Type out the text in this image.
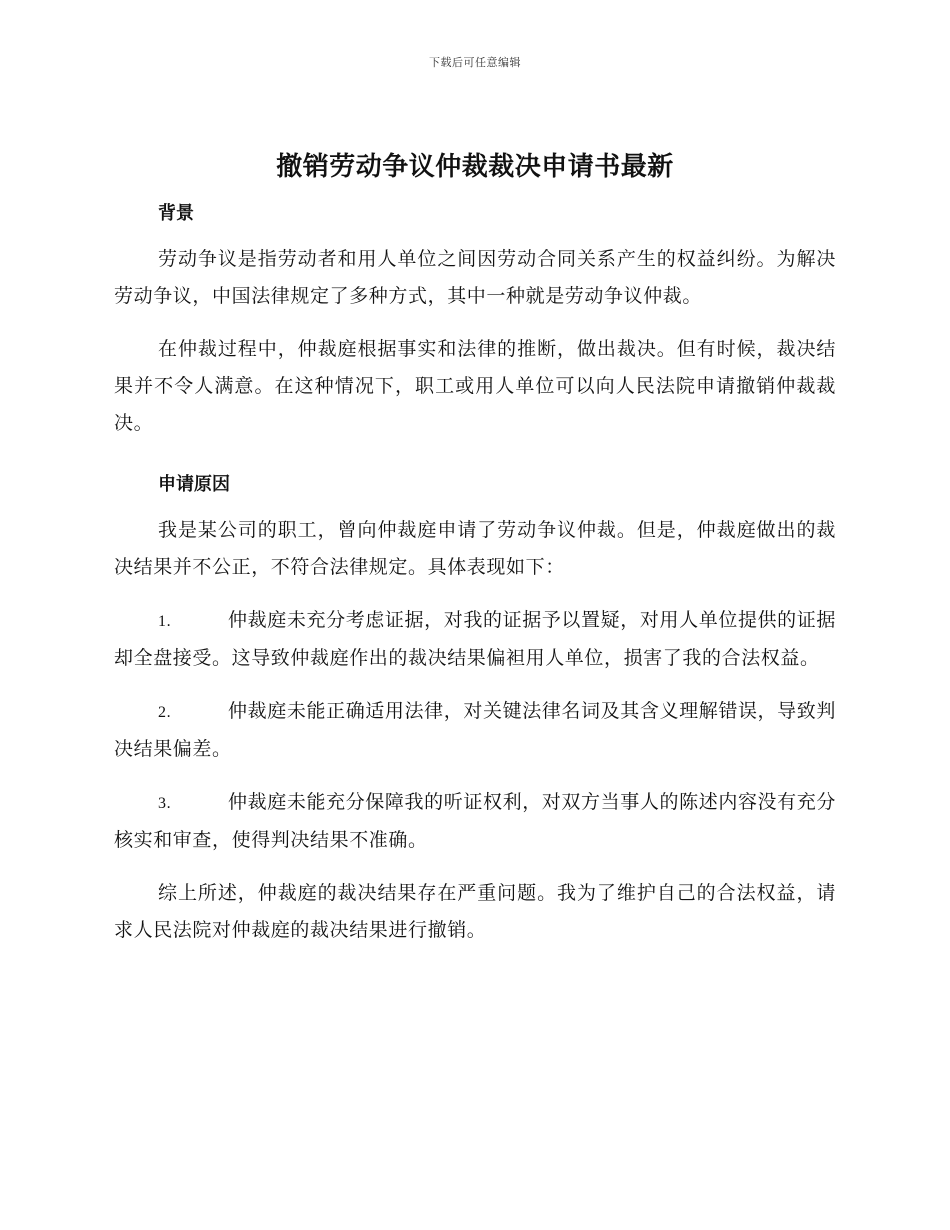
下载后可任意编辑
撤销劳动争议仲裁裁决申请书最新
背景

劳动争议是指劳动者和用人单位之间因劳动合同关系产生的权益纠纷。为解决劳动争议，中国法律规定了多种方式，其中一种就是劳动争议仲裁。

在仲裁过程中，仲裁庭根据事实和法律的推断，做出裁决。但有时候，裁决结果并不令人满意。在这种情况下，职工或用人单位可以向人民法院申请撤销仲裁裁决。

申请原因

我是某公司的职工，曾向仲裁庭申请了劳动争议仲裁。但是，仲裁庭做出的裁决结果并不公正，不符合法律规定。具体表现如下：

1.	仲裁庭未充分考虑证据，对我的证据予以置疑，对用人单位提供的证据却全盘接受。这导致仲裁庭作出的裁决结果偏袒用人单位，损害了我的合法权益。

2.	仲裁庭未能正确适用法律，对关键法律名词及其含义理解错误，导致判决结果偏差。

3.	仲裁庭未能充分保障我的听证权利，对双方当事人的陈述内容没有充分核实和审查，使得判决结果不准确。

综上所述，仲裁庭的裁决结果存在严重问题。我为了维护自己的合法权益，请求人民法院对仲裁庭的裁决结果进行撤销。
